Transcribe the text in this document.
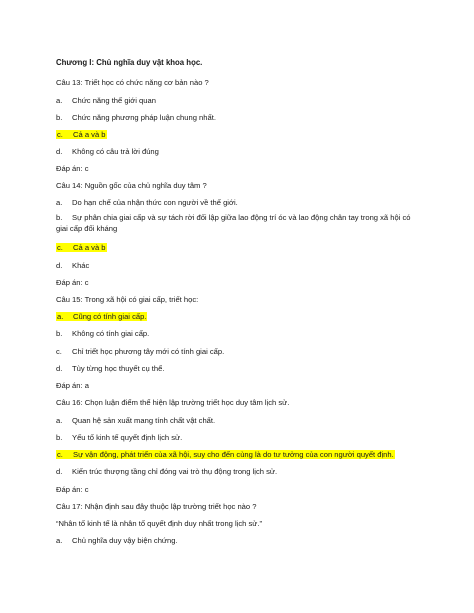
Chương I: Chủ nghĩa duy vật khoa học.
Câu 13: Triết học có chức năng cơ bản nào ?
a. Chức năng thế giới quan
b. Chức năng phương pháp luận chung nhất.
c. Cả a và b
d. Không có câu trả lời đúng
Đáp án: c
Câu 14: Nguồn gốc của chủ nghĩa duy tâm ?
a. Do hạn chế của nhận thức con người về thế giới.
b. Sự phân chia giai cấp và sự tách rời đối lập giữa lao động trí óc và lao động chân tay trong xã hội có giai cấp đối kháng
c. Cả a và b
d. Khác
Đáp án: c
Câu 15: Trong xã hội có giai cấp, triết học:
a. Cũng có tính giai cấp.
b. Không có tính giai cấp.
c. Chỉ triết học phương tây mới có tính giai cấp.
d. Tùy từng học thuyết cụ thể.
Đáp án: a
Câu 16: Chọn luận điểm thể hiện lập trường triết học duy tâm lịch sử.
a. Quan hệ sản xuất mang tính chất vật chất.
b. Yếu tố kinh tế quyết định lịch sử.
c. Sự vận động, phát triển của xã hội, suy cho đến cùng là do tư tưởng của con người quyết định.
d. Kiến trúc thượng tầng chỉ đóng vai trò thụ động trong lịch sử.
Đáp án: c
Câu 17: Nhận định sau đây thuộc lập trường triết học nào ?
“Nhân tố kinh tế là nhân tố quyết định duy nhất trong lịch sử.”
a. Chủ nghĩa duy vậy biện chứng.
